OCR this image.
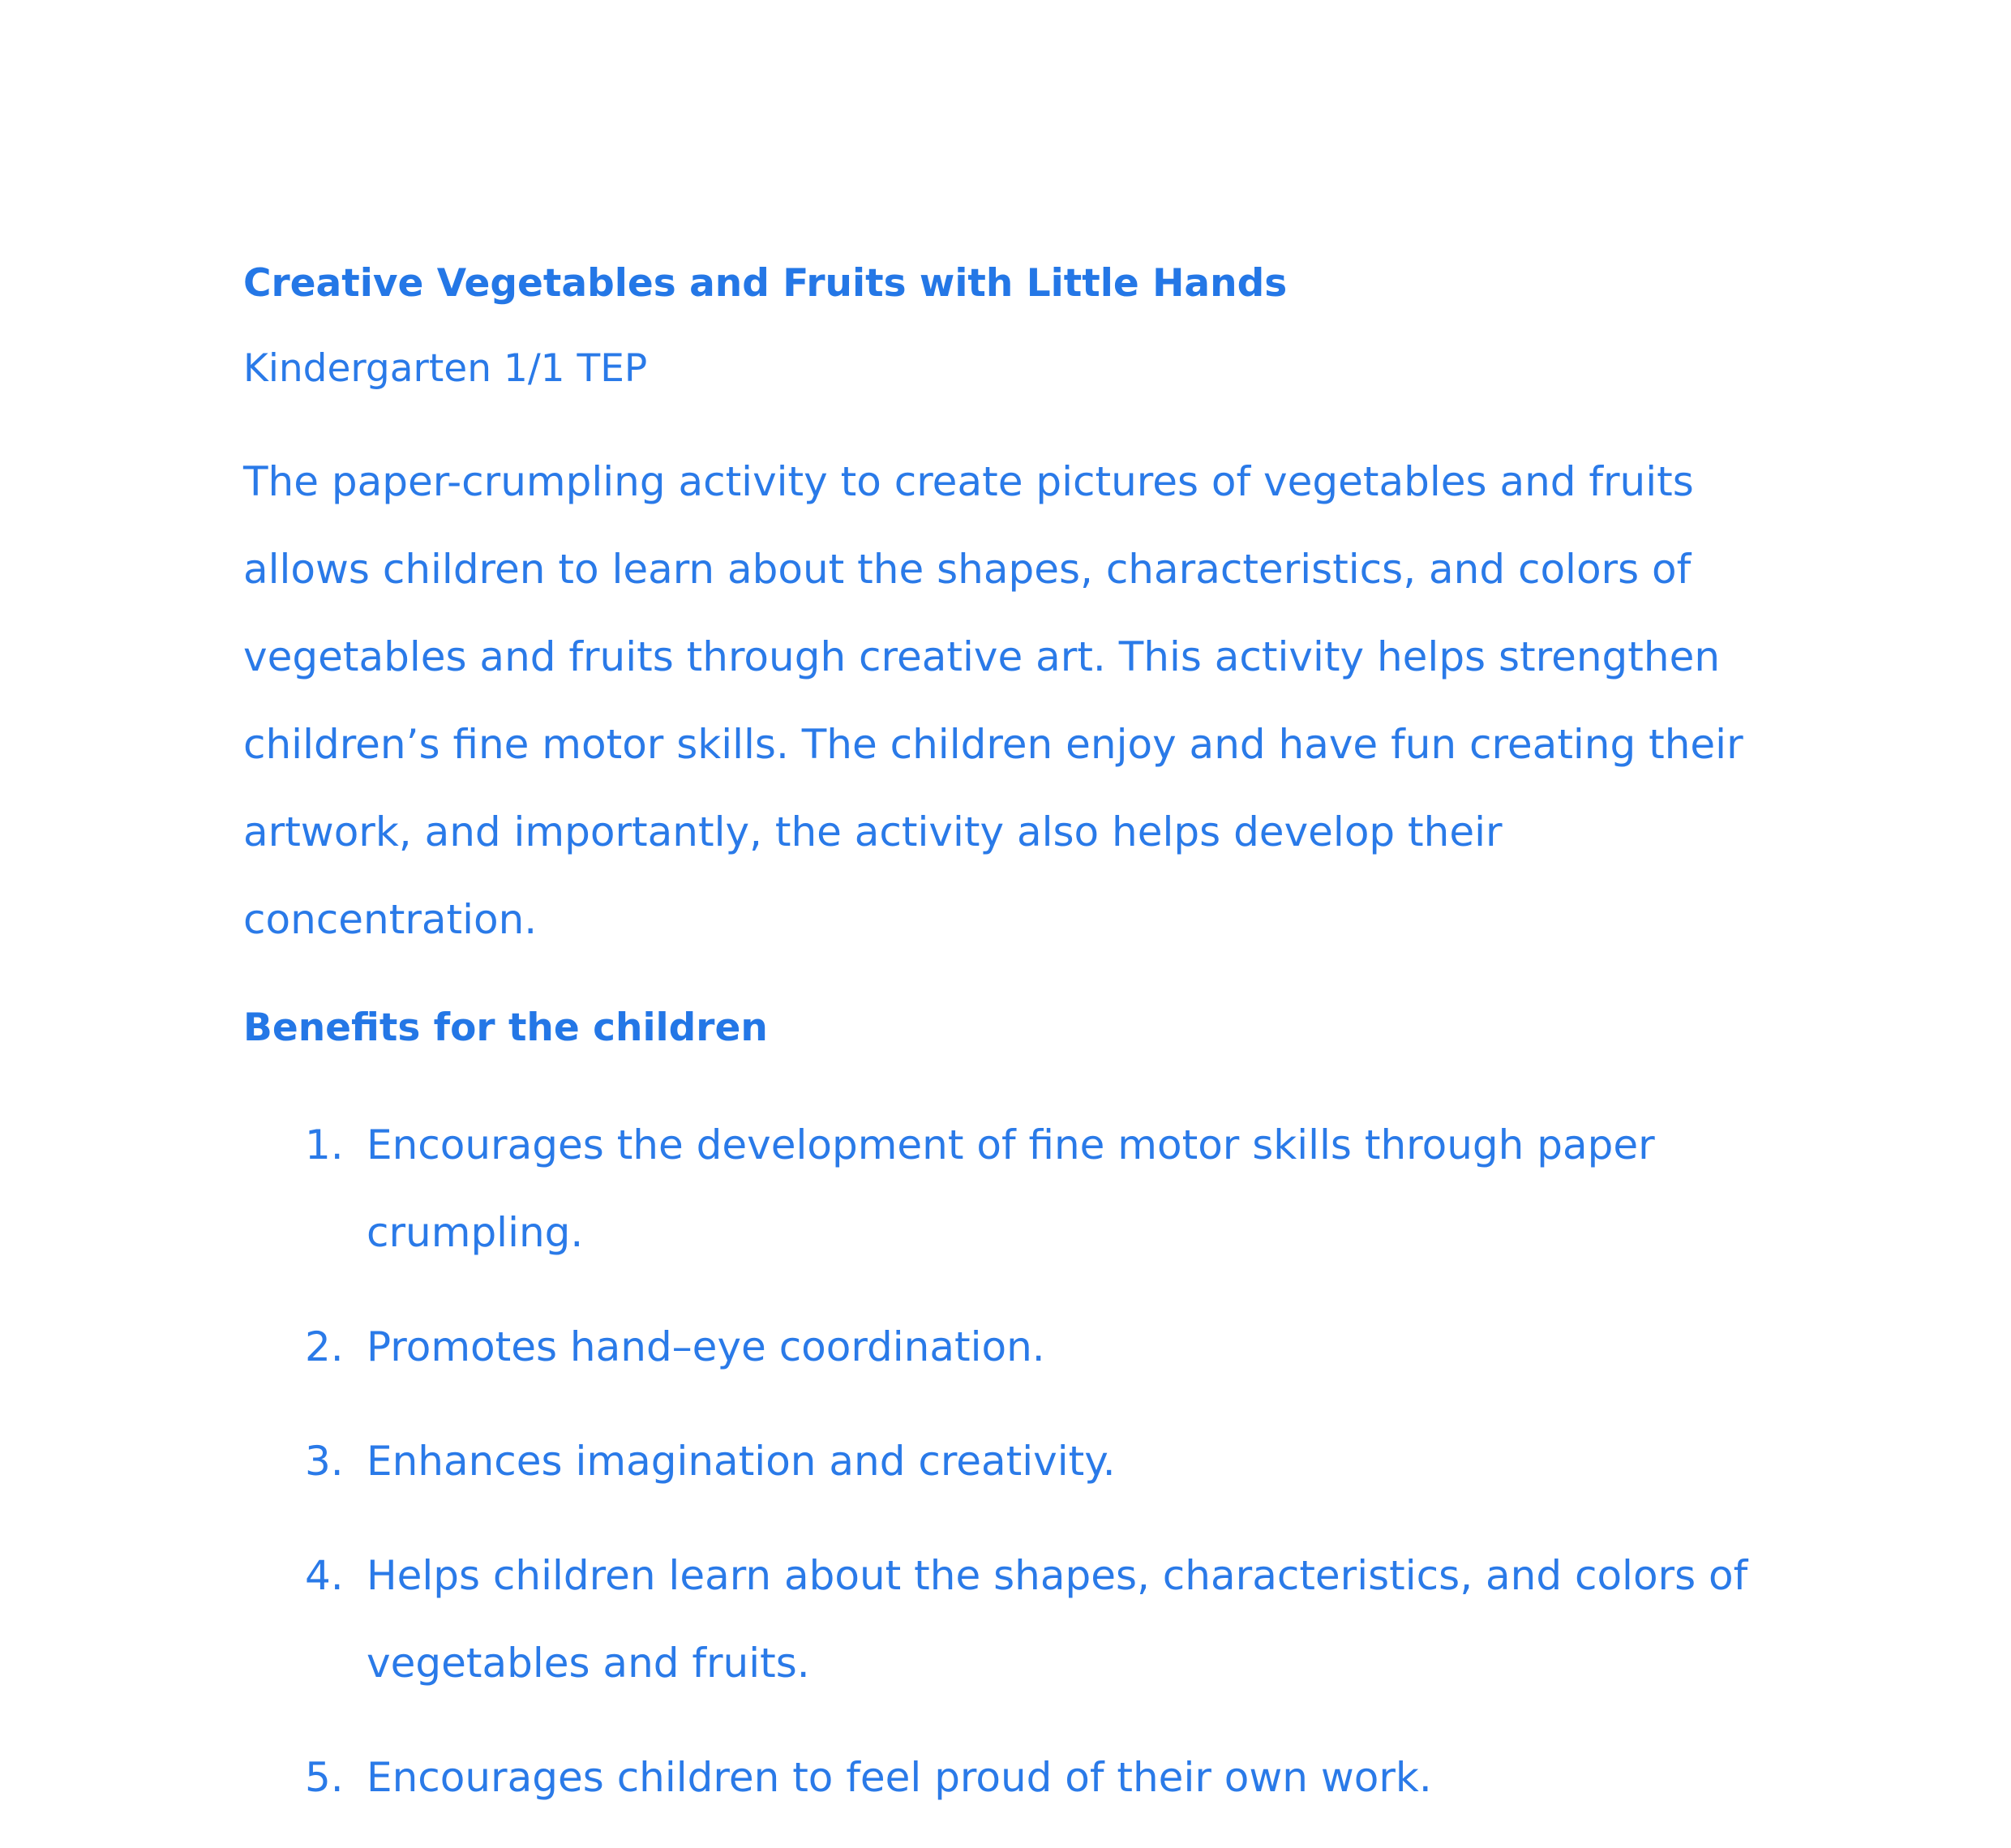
Creative Vegetables and Fruits with Little Hands
Kindergarten 1/1 TEP

The paper-crumpling activity to create pictures of vegetables and fruits allows children to learn about the shapes, characteristics, and colors of vegetables and fruits through creative art. This activity helps strengthen children’s fine motor skills. The children enjoy and have fun creating their artwork, and importantly, the activity also helps develop their concentration.

Benefits for the children
1. Encourages the development of fine motor skills through paper crumpling.
2. Promotes hand–eye coordination.
3. Enhances imagination and creativity.
4. Helps children learn about the shapes, characteristics, and colors of vegetables and fruits.
5. Encourages children to feel proud of their own work.
